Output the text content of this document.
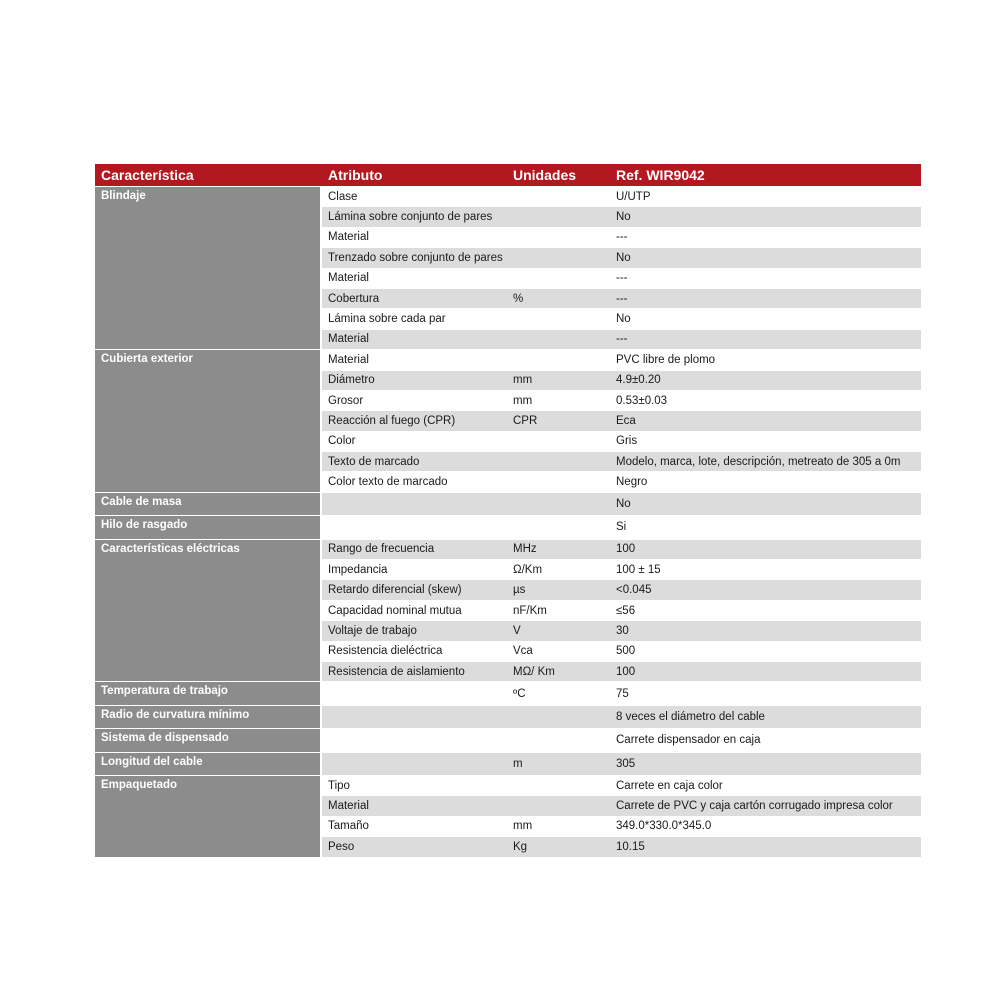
Característica	Atributo	Unidades	Ref. WIR9042
Blindaje	Clase		U/UTP
	Lámina sobre conjunto de pares		No
	Material		---
	Trenzado sobre conjunto de pares		No
	Material		---
	Cobertura	%	---
	Lámina sobre cada par		No
	Material		---
Cubierta exterior	Material		PVC libre de plomo
	Diámetro	mm	4.9±0.20
	Grosor	mm	0.53±0.03
	Reacción al fuego (CPR)	CPR	Eca
	Color		Gris
	Texto de marcado		Modelo, marca, lote, descripción, metreato de 305 a 0m
	Color texto de marcado		Negro
Cable de masa			No
Hilo de rasgado			Si
Características eléctricas	Rango de frecuencia	MHz	100
	Impedancia	Ω/Km	100 ± 15
	Retardo diferencial (skew)	µs	<0.045
	Capacidad nominal mutua	nF/Km	≤56
	Voltaje de trabajo	V	30
	Resistencia dieléctrica	Vca	500
	Resistencia de aislamiento	MΩ/ Km	100
Temperatura de trabajo		ºC	75
Radio de curvatura mínimo			8 veces el diámetro del cable
Sistema de dispensado			Carrete dispensador en caja
Longitud del cable		m	305
Empaquetado	Tipo		Carrete en caja color
	Material		Carrete de PVC y caja cartón corrugado impresa color
	Tamaño	mm	349.0*330.0*345.0
	Peso	Kg	10.15
